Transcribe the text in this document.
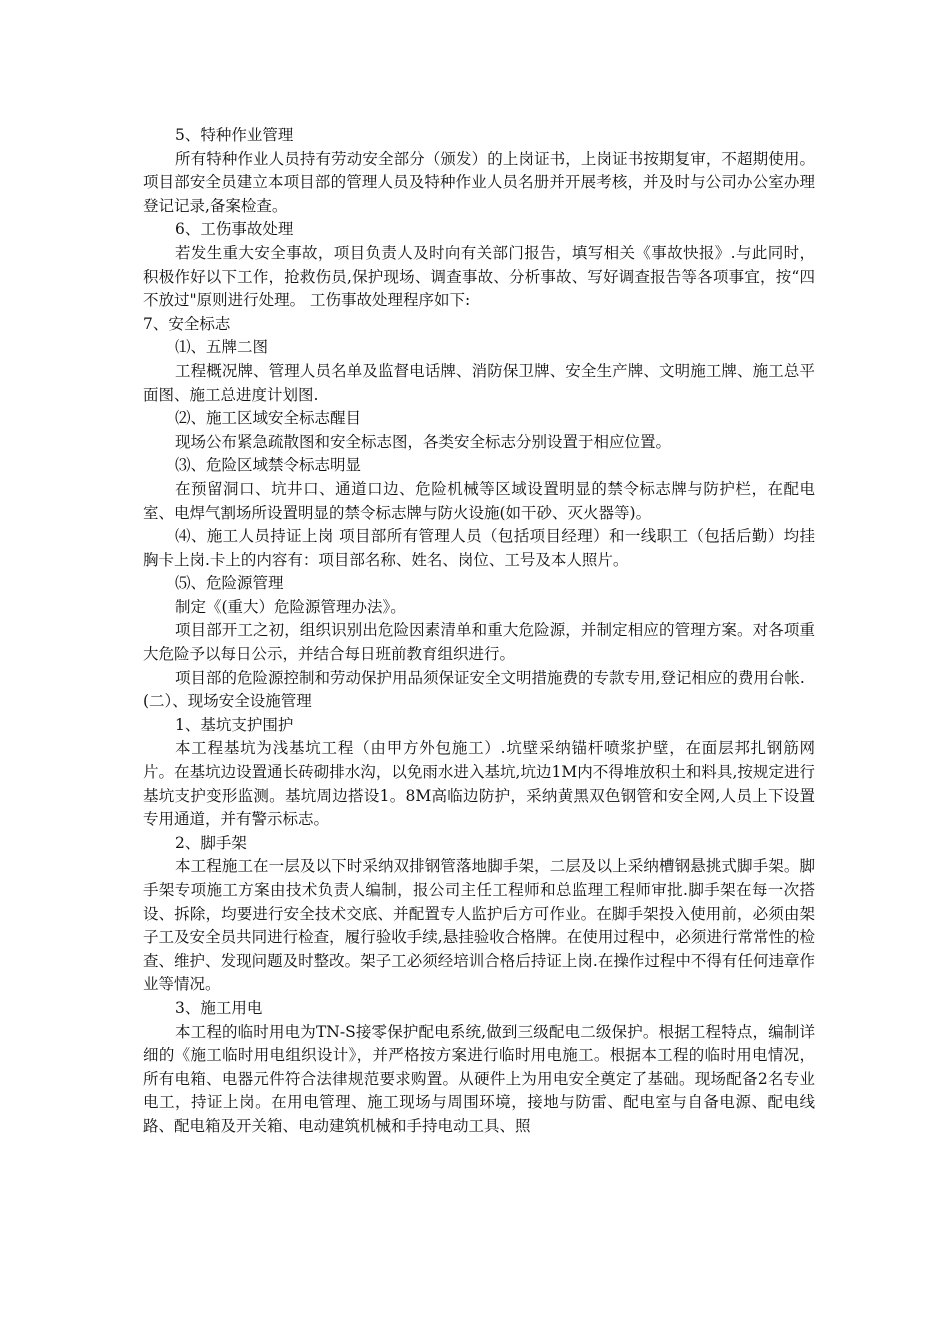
5、特种作业管理

所有特种作业人员持有劳动安全部分（颁发）的上岗证书，上岗证书按期复审，不超期使用。项目部安全员建立本项目部的管理人员及特种作业人员名册并开展考核，并及时与公司办公室办理登记记录,备案检查。

6、工伤事故处理

若发生重大安全事故，项目负责人及时向有关部门报告，填写相关《事故快报》.与此同时，积极作好以下工作，抢救伤员,保护现场、调查事故、分析事故、写好调查报告等各项事宜，按“四不放过"原则进行处理。 工伤事故处理程序如下:

7、安全标志

⑴、五牌二图

工程概况牌、管理人员名单及监督电话牌、消防保卫牌、安全生产牌、文明施工牌、施工总平面图、施工总进度计划图.

⑵、施工区域安全标志醒目

现场公布紧急疏散图和安全标志图，各类安全标志分别设置于相应位置。

⑶、危险区域禁令标志明显

在预留洞口、坑井口、通道口边、危险机械等区域设置明显的禁令标志牌与防护栏，在配电室、电焊气割场所设置明显的禁令标志牌与防火设施(如干砂、灭火器等)。

⑷、施工人员持证上岗 项目部所有管理人员（包括项目经理）和一线职工（包括后勤）均挂胸卡上岗.卡上的内容有：项目部名称、姓名、岗位、工号及本人照片。

⑸、危险源管理

制定《(重大）危险源管理办法》。

项目部开工之初，组织识别出危险因素清单和重大危险源，并制定相应的管理方案。对各项重大危险予以每日公示，并结合每日班前教育组织进行。

项目部的危险源控制和劳动保护用品须保证安全文明措施费的专款专用,登记相应的费用台帐.

(二）、现场安全设施管理

1、基坑支护围护

本工程基坑为浅基坑工程（由甲方外包施工）.坑壁采纳锚杆喷浆护壁，在面层邦扎钢筋网片。在基坑边设置通长砖砌排水沟，以免雨水进入基坑,坑边1M内不得堆放积土和料具,按规定进行基坑支护变形监测。基坑周边搭设1。8M高临边防护，采纳黄黑双色钢管和安全网,人员上下设置专用通道，并有警示标志。

2、脚手架

本工程施工在一层及以下时采纳双排钢管落地脚手架，二层及以上采纳槽钢悬挑式脚手架。脚手架专项施工方案由技术负责人编制，报公司主任工程师和总监理工程师审批.脚手架在每一次搭设、拆除，均要进行安全技术交底、并配置专人监护后方可作业。在脚手架投入使用前，必须由架子工及安全员共同进行检查，履行验收手续,悬挂验收合格牌。在使用过程中，必须进行常常性的检查、维护、发现问题及时整改。架子工必须经培训合格后持证上岗.在操作过程中不得有任何违章作业等情况。

3、施工用电

本工程的临时用电为TN-S接零保护配电系统,做到三级配电二级保护。根据工程特点，编制详细的《施工临时用电组织设计》，并严格按方案进行临时用电施工。根据本工程的临时用电情况，所有电箱、电器元件符合法律规范要求购置。从硬件上为用电安全奠定了基础。现场配备2名专业电工，持证上岗。在用电管理、施工现场与周围环境，接地与防雷、配电室与自备电源、配电线路、配电箱及开关箱、电动建筑机械和手持电动工具、照
